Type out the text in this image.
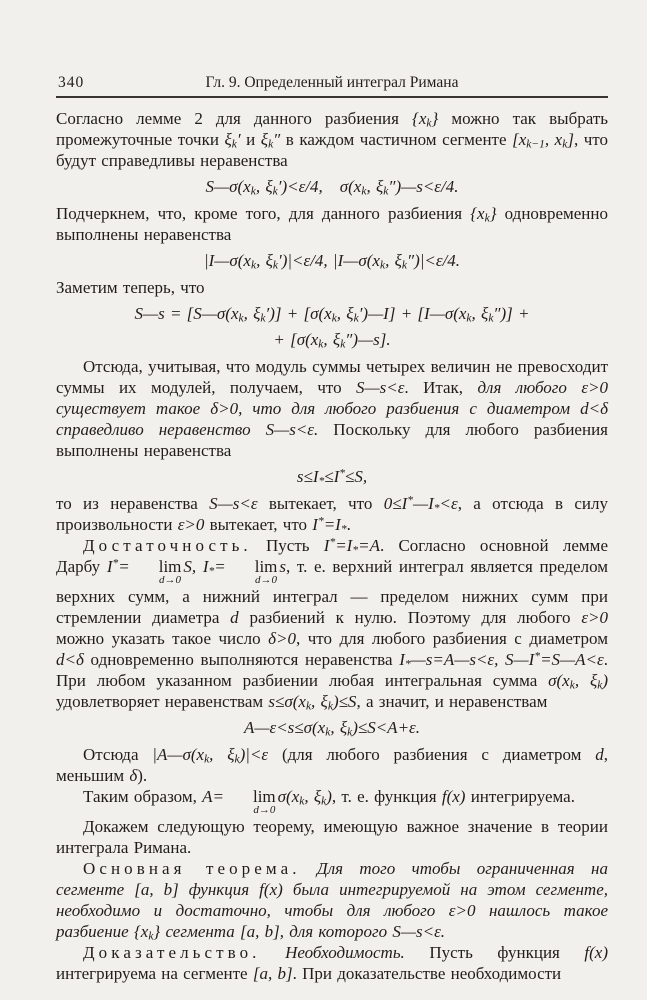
340	Гл. 9. Определенный интеграл Римана

Согласно лемме 2 для данного разбиения $\{x_k\}$ можно так выбрать промежуточные точки $\xi_k'$ и $\xi_k''$ в каждом частичном сегменте [$x_{k-1}$, $x_k$], что будут справедливы неравенства

$S—\sigma(x_k$, $\xi_k')<\varepsilon/4$, $\sigma(x_k$, $\xi_k'')—s<\varepsilon/4$.

Подчеркнем, что, кроме того, для данного разбиения $\{x_k\}$ одновременно выполнены неравенства

$|I—\sigma(x_k$, $\xi_k')|<\varepsilon/4$, $|I—\sigma(x_k$, $\xi_k'')|<\varepsilon/4$.

Заметим теперь, что

S—s = [$S—\sigma(x_k$, $\xi_k')] + [\sigma(x_k$, $\xi_k')—I$] + [$I—\sigma(x_k$, $\xi_k''$)] +
+ [$\sigma(x_k$, $\xi_k'')—s$].

Отсюда, учитывая, что модуль суммы четырех величин не превосходит суммы их модулей, получаем, что S—s<ε. Итак, для любого ε>0 существует такое δ>0, что для любого разбиения с диаметром d<δ справедливо неравенство S—s<ε. Поскольку для любого разбиения выполнены неравенства

$s\le I_*\le I^*\le S$,

то из неравенства S—s<ε вытекает, что $0\le I^*—I_*<\varepsilon$, а отсюда в силу произвольности ε>0 вытекает, что $I^*=I_*$.

Достаточность. Пусть $I^*=I_*=A$. Согласно основной лемме Дарбу I*=	lim
d→0
S, $I_*=$	lim
d→0
s, т. е. верхний интеграл является пределом верхних сумм, а нижний интеграл — пределом нижних сумм при стремлении диаметра d разбиений к нулю. Поэтому для любого ε>0 можно указать такое число δ>0, что для любого разбиения с диаметром d<δ одновременно выполняются неравенства $I_*—s=A—s<\varepsilon$, S—I*=S—A<ε. При любом указанном разбиении любая интегральная сумма $\sigma(x_k$, $\xi_k$) удовлетворяет неравенствам $s\le\sigma(x_k$, $\xi_k)\le S$, а значит, и неравенствам

$A—\varepsilon<s\le\sigma(x_k$, $\xi_k)\le S<A+\varepsilon$.

Отсюда $|A—\sigma(x_k$, $\xi_k)|<\varepsilon$ (для любого разбиения с диаметром d, меньшим δ).

Таким образом, A=	lim
d→0
$\sigma(x_k$, $\xi_k$), т. е. функция f(x) интегрируема.

Докажем следующую теорему, имеющую важное значение в теории интеграла Римана.

Основная теорема. Для того чтобы ограниченная на сегменте [a, b] функция f(x) была интегрируемой на этом сегменте, необходимо и достаточно, чтобы для любого ε>0 нашлось такое разбиение $\{x_k\}$ сегмента [a, b], для которого S—s<ε.

Доказательство. Необходимость. Пусть функция f(x) интегрируема на сегменте [a, b]. При доказательстве необходимости
